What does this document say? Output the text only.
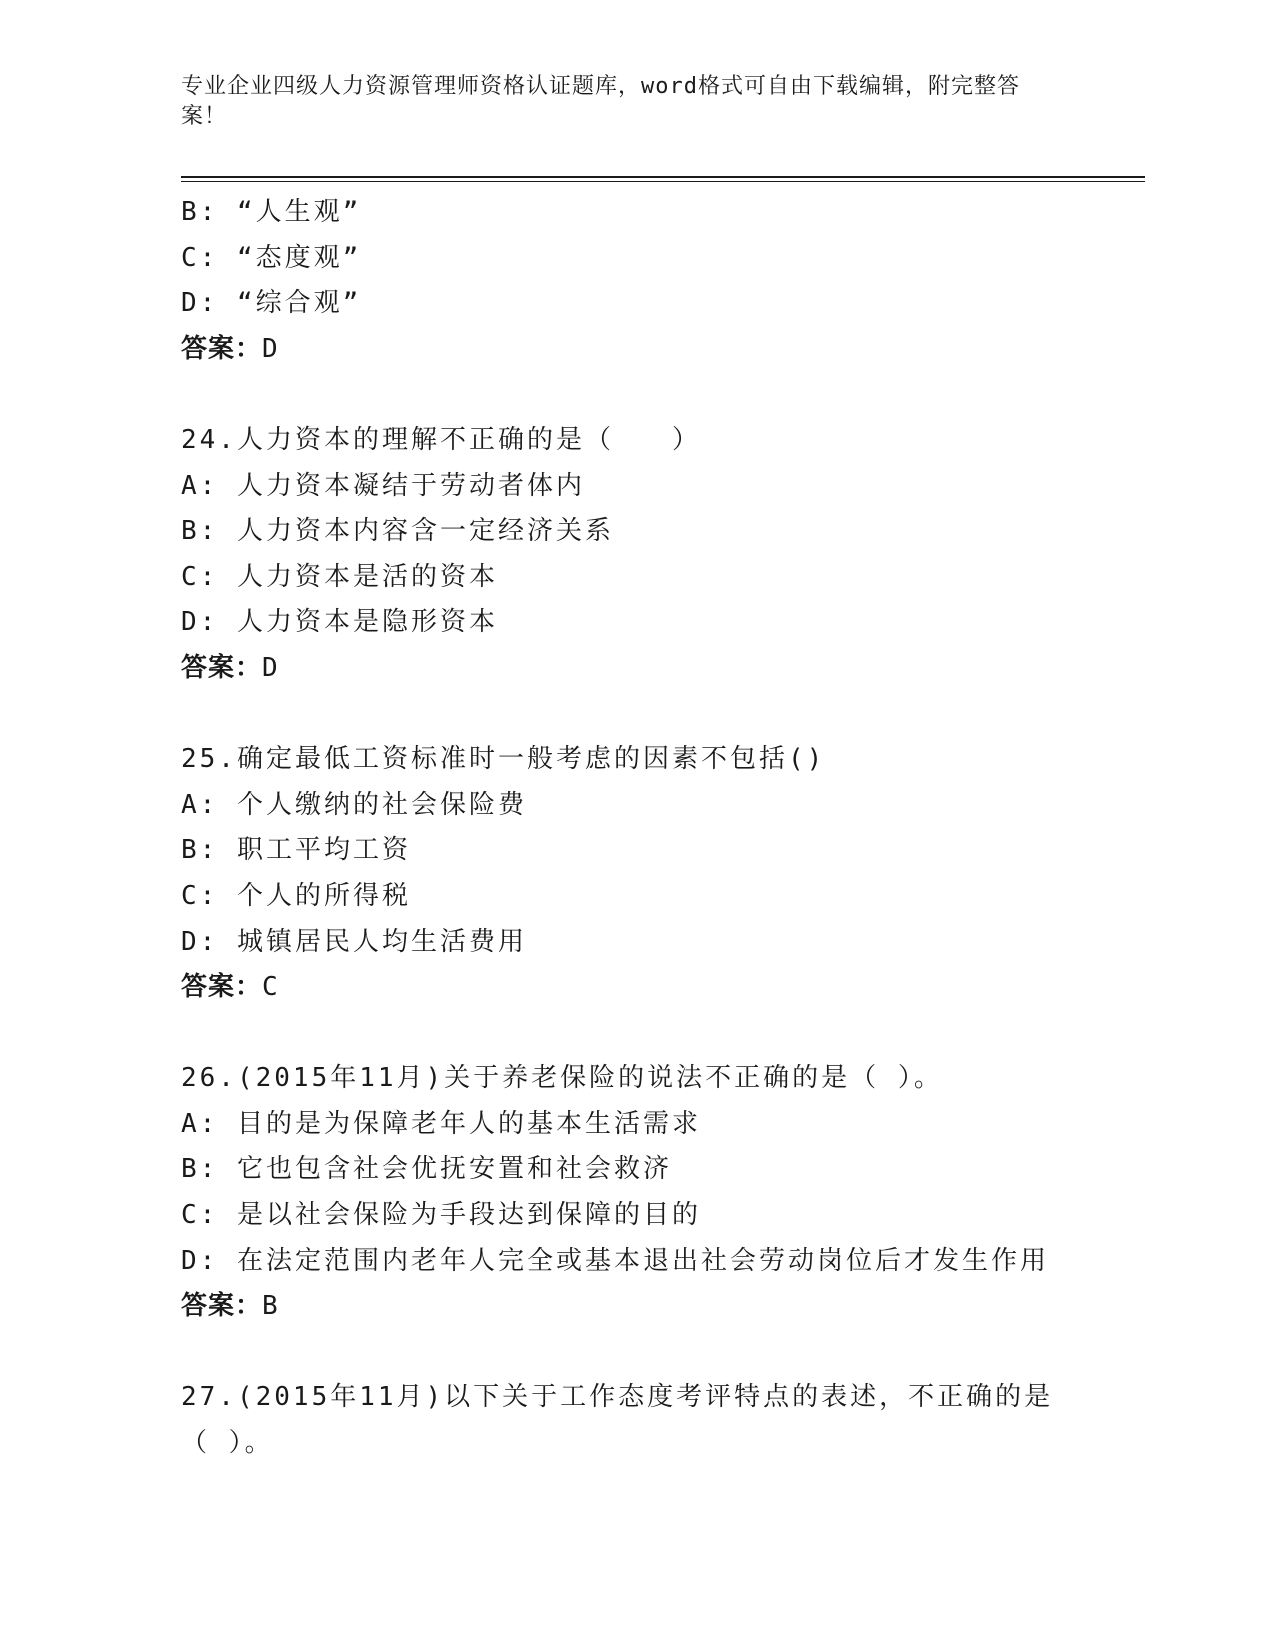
专业企业四级人力资源管理师资格认证题库，word格式可自由下载编辑，附完整答案！
B: “人生观”
C: “态度观”
D: “综合观”
答案：D
24.人力资本的理解不正确的是（　　）
A: 人力资本凝结于劳动者体内
B: 人力资本内容含一定经济关系
C: 人力资本是活的资本
D: 人力资本是隐形资本
答案：D
25.确定最低工资标准时一般考虑的因素不包括()
A: 个人缴纳的社会保险费
B: 职工平均工资
C: 个人的所得税
D: 城镇居民人均生活费用
答案：C
26.(2015年11月)关于养老保险的说法不正确的是（ ）。
A: 目的是为保障老年人的基本生活需求
B: 它也包含社会优抚安置和社会救济
C: 是以社会保险为手段达到保障的目的
D: 在法定范围内老年人完全或基本退出社会劳动岗位后才发生作用
答案：B
27.(2015年11月)以下关于工作态度考评特点的表述，不正确的是（ ）。
